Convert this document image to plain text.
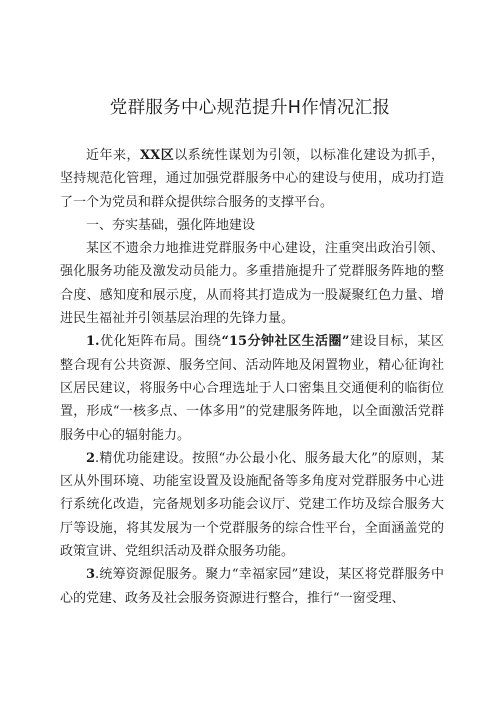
党群服务中心规范提升H作情况汇报

近年来，XX区以系统性谋划为引领，以标准化建设为抓手，坚持规范化管理，通过加强党群服务中心的建设与使用，成功打造了一个为党员和群众提供综合服务的支撑平台。

一、夯实基础，强化阵地建设

某区不遗余力地推进党群服务中心建设，注重突出政治引领、强化服务功能及激发动员能力。多重措施提升了党群服务阵地的整合度、感知度和展示度，从而将其打造成为一股凝聚红色力量、增进民生福祉并引领基层治理的先锋力量。

1.优化矩阵布局。围绕“15分钟社区生活圈”建设目标，某区整合现有公共资源、服务空间、活动阵地及闲置物业，精心征询社区居民建议，将服务中心合理选址于人口密集且交通便利的临街位置，形成“一核多点、一体多用”的党建服务阵地，以全面激活党群服务中心的辐射能力。

2.精优功能建设。按照“办公最小化、服务最大化”的原则，某区从外围环境、功能室设置及设施配备等多角度对党群服务中心进行系统化改造，完备规划多功能会议厅、党建工作坊及综合服务大厅等设施，将其发展为一个党群服务的综合性平台，全面涵盖党的政策宣讲、党组织活动及群众服务功能。

3.统筹资源促服务。聚力“幸福家园”建设，某区将党群服务中心的党建、政务及社会服务资源进行整合，推行“一窗受理、
